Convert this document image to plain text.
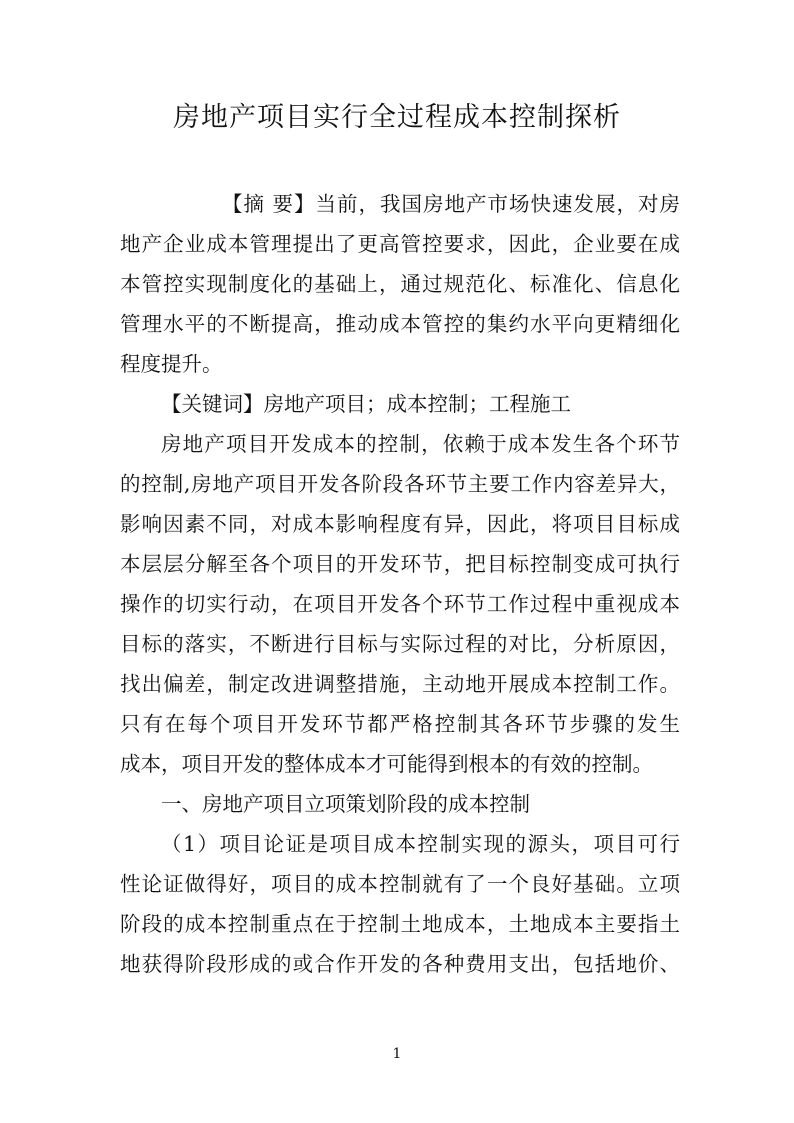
房地产项目实行全过程成本控制探析

【摘 要】当前，我国房地产市场快速发展，对房

地产企业成本管理提出了更高管控要求，因此，企业要在成

本管控实现制度化的基础上，通过规范化、标准化、信息化

管理水平的不断提高，推动成本管控的集约水平向更精细化

程度提升。

【关键词】房地产项目；成本控制；工程施工

房地产项目开发成本的控制，依赖于成本发生各个环节

的控制,房地产项目开发各阶段各环节主要工作内容差异大，

影响因素不同，对成本影响程度有异，因此，将项目目标成

本层层分解至各个项目的开发环节，把目标控制变成可执行

操作的切实行动，在项目开发各个环节工作过程中重视成本

目标的落实，不断进行目标与实际过程的对比，分析原因，

找出偏差，制定改进调整措施，主动地开展成本控制工作。

只有在每个项目开发环节都严格控制其各环节步骤的发生

成本，项目开发的整体成本才可能得到根本的有效的控制。

一、房地产项目立项策划阶段的成本控制

（1）项目论证是项目成本控制实现的源头，项目可行

性论证做得好，项目的成本控制就有了一个良好基础。立项

阶段的成本控制重点在于控制土地成本，土地成本主要指土

地获得阶段形成的或合作开发的各种费用支出，包括地价、

1
